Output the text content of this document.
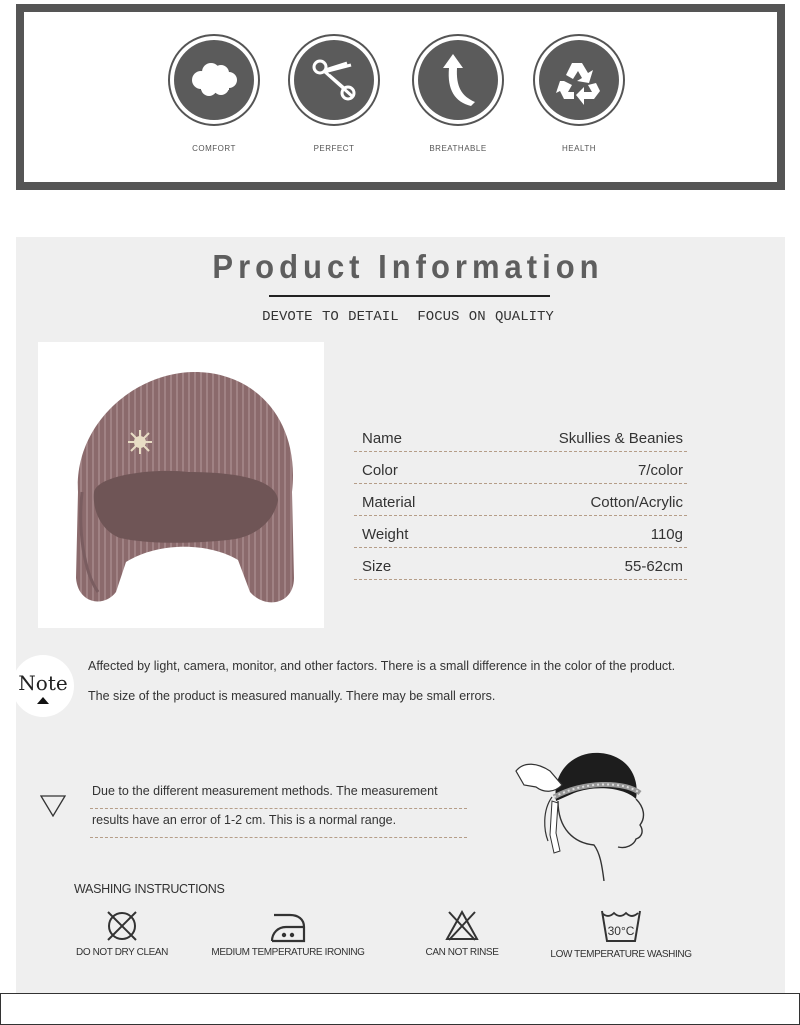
COMFORT	PERFECT	BREATHABLE	HEALTH
Product Information
DEVOTE TO DETAIL  FOCUS ON QUALITY
Name	Skullies & Beanies
Color	7/color
Material	Cotton/Acrylic
Weight	110g
Size	55-62cm
Note
Affected by light, camera, monitor, and other factors. There is a small difference in the color of the product.
The size of the product is measured manually. There may be small errors.
Due to the different measurement methods. The measurement
results have an error of 1-2 cm. This is a normal range.
WASHING INSTRUCTIONS
DO NOT DRY CLEAN	MEDIUM TEMPERATURE IRONING	CAN NOT RINSE
30°C
LOW TEMPERATURE WASHING
